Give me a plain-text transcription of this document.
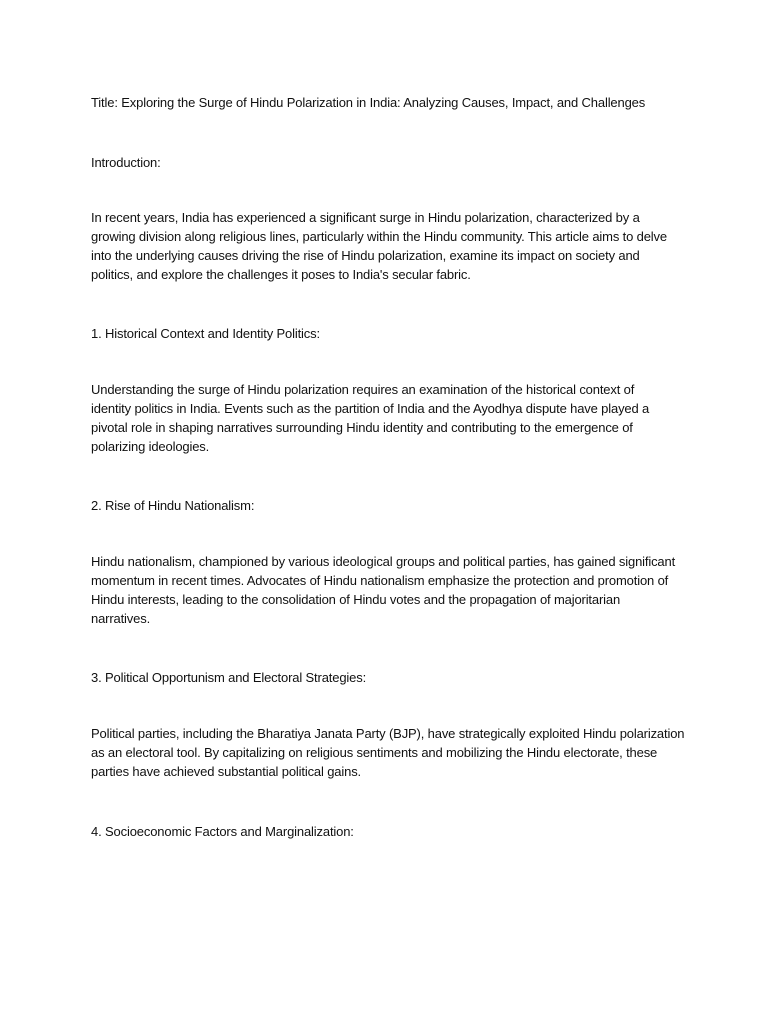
Title: Exploring the Surge of Hindu Polarization in India: Analyzing Causes, Impact, and Challenges

Introduction:

In recent years, India has experienced a significant surge in Hindu polarization, characterized by a
growing division along religious lines, particularly within the Hindu community. This article aims to delve
into the underlying causes driving the rise of Hindu polarization, examine its impact on society and
politics, and explore the challenges it poses to India's secular fabric.

1. Historical Context and Identity Politics:

Understanding the surge of Hindu polarization requires an examination of the historical context of
identity politics in India. Events such as the partition of India and the Ayodhya dispute have played a
pivotal role in shaping narratives surrounding Hindu identity and contributing to the emergence of
polarizing ideologies.

2. Rise of Hindu Nationalism:

Hindu nationalism, championed by various ideological groups and political parties, has gained significant
momentum in recent times. Advocates of Hindu nationalism emphasize the protection and promotion of
Hindu interests, leading to the consolidation of Hindu votes and the propagation of majoritarian
narratives.

3. Political Opportunism and Electoral Strategies:

Political parties, including the Bharatiya Janata Party (BJP), have strategically exploited Hindu polarization
as an electoral tool. By capitalizing on religious sentiments and mobilizing the Hindu electorate, these
parties have achieved substantial political gains.

4. Socioeconomic Factors and Marginalization:
